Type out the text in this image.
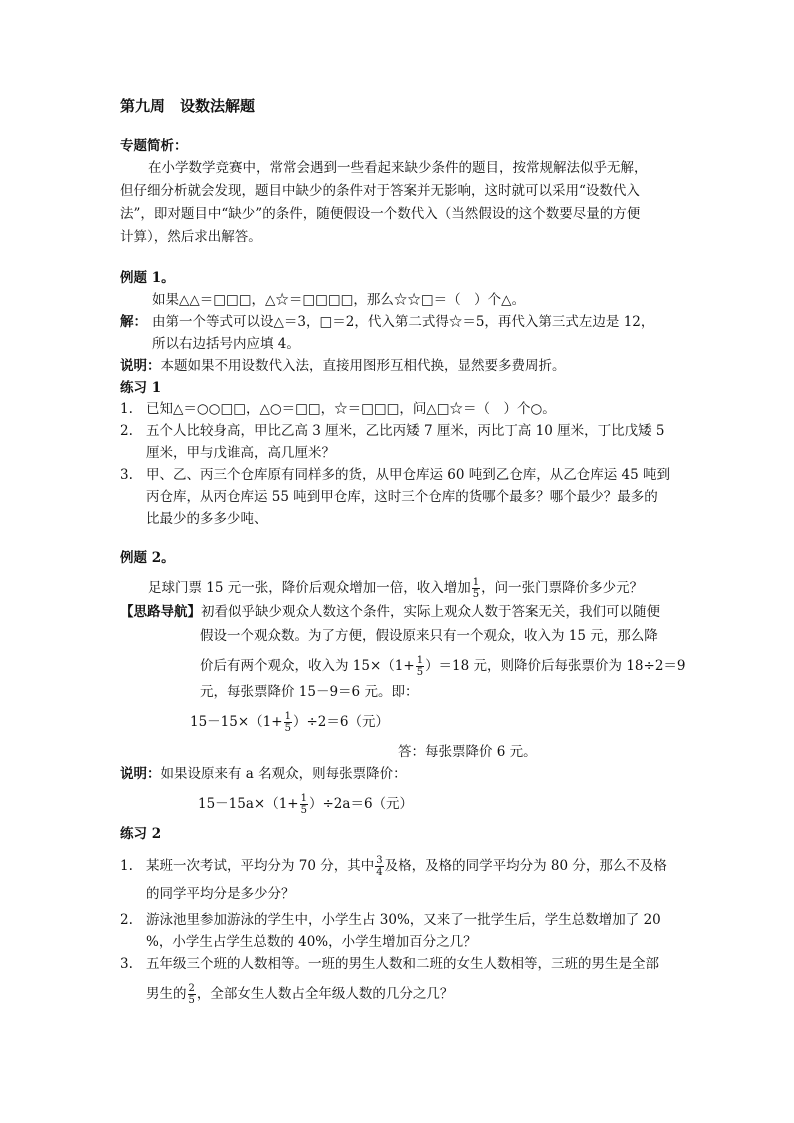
第九周　设数法解题
专题简析：
在小学数学竞赛中，常常会遇到一些看起来缺少条件的题目，按常规解法似乎无解，
但仔细分析就会发现，题目中缺少的条件对于答案并无影响，这时就可以采用“设数代入
法”，即对题目中“缺少”的条件，随便假设一个数代入（当然假设的这个数要尽量的方便
计算），然后求出解答。
例题 1。
如果△△＝□□□，△☆＝□□□□，那么☆☆□＝（　）个△。
解： 由第一个等式可以设△＝3，□＝2，代入第二式得☆＝5，再代入第三式左边是 12，
所以右边括号内应填 4。
说明：本题如果不用设数代入法，直接用图形互相代换，显然要多费周折。
练习 1
1. 已知△＝○○□□，△○＝□□，☆＝□□□，问△□☆＝（　）个○。
2. 五个人比较身高，甲比乙高 3 厘米，乙比丙矮 7 厘米，丙比丁高 10 厘米，丁比戊矮 5
厘米，甲与戊谁高，高几厘米？
3. 甲、乙、丙三个仓库原有同样多的货，从甲仓库运 60 吨到乙仓库，从乙仓库运 45 吨到
丙仓库，从丙仓库运 55 吨到甲仓库，这时三个仓库的货哪个最多？哪个最少？最多的
比最少的多多少吨、
例题 2。
足球门票 15 元一张，降价后观众增加一倍，收入增加 $\frac{1}{5}$ ，问一张门票降价多少元？
【思路导航】初看似乎缺少观众人数这个条件，实际上观众人数于答案无关，我们可以随便
假设一个观众数。为了方便，假设原来只有一个观众，收入为 15 元，那么降
价后有两个观众，收入为 $15\times(1+ \frac{1}{5} )=18$ 元，则降价后每张票价为 18÷2＝9
元，每张票降价 15－9＝6 元。即：
$15-15\times(1+ \frac{1}{5} )\div 2=6$（元）
答：每张票降价 6 元。
说明：如果设原来有 a 名观众，则每张票降价：
$15-15a\times(1+ \frac{1}{5} )\div 2a=6$（元）
练习 2
1. 某班一次考试，平均分为 70 分，其中 $\frac{3}{4}$ 及格，及格的同学平均分为 80 分，那么不及格
的同学平均分是多少分？
2. 游泳池里参加游泳的学生中，小学生占 30%，又来了一批学生后，学生总数增加了 20
%，小学生占学生总数的 40%，小学生增加百分之几？
3. 五年级三个班的人数相等。一班的男生人数和二班的女生人数相等，三班的男生是全部
男生的 $\frac{2}{5}$ ，全部女生人数占全年级人数的几分之几？
